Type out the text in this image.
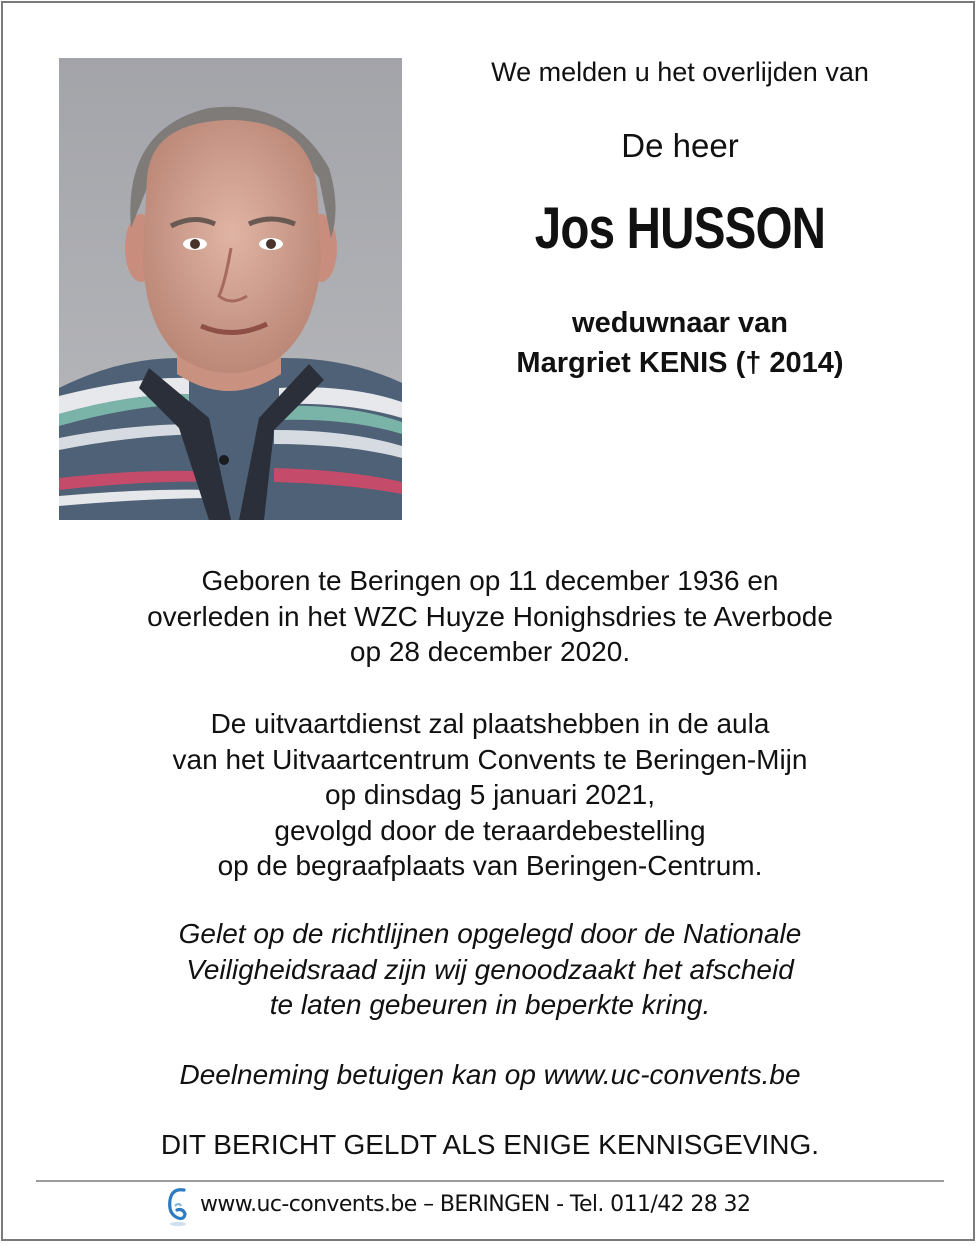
We melden u het overlijden van
De heer
Jos HUSSON
weduwnaar van
Margriet KENIS († 2014)
Geboren te Beringen op 11 december 1936 en
overleden in het WZC Huyze Honighsdries te Averbode
op 28 december 2020.
De uitvaartdienst zal plaatshebben in de aula
van het Uitvaartcentrum Convents te Beringen-Mijn
op dinsdag 5 januari 2021,
gevolgd door de teraardebestelling
op de begraafplaats van Beringen-Centrum.
Gelet op de richtlijnen opgelegd door de Nationale
Veiligheidsraad zijn wij genoodzaakt het afscheid
te laten gebeuren in beperkte kring.
Deelneming betuigen kan op www.uc-convents.be
DIT BERICHT GELDT ALS ENIGE KENNISGEVING.
www.uc-convents.be – BERINGEN - Tel. 011/42 28 32
